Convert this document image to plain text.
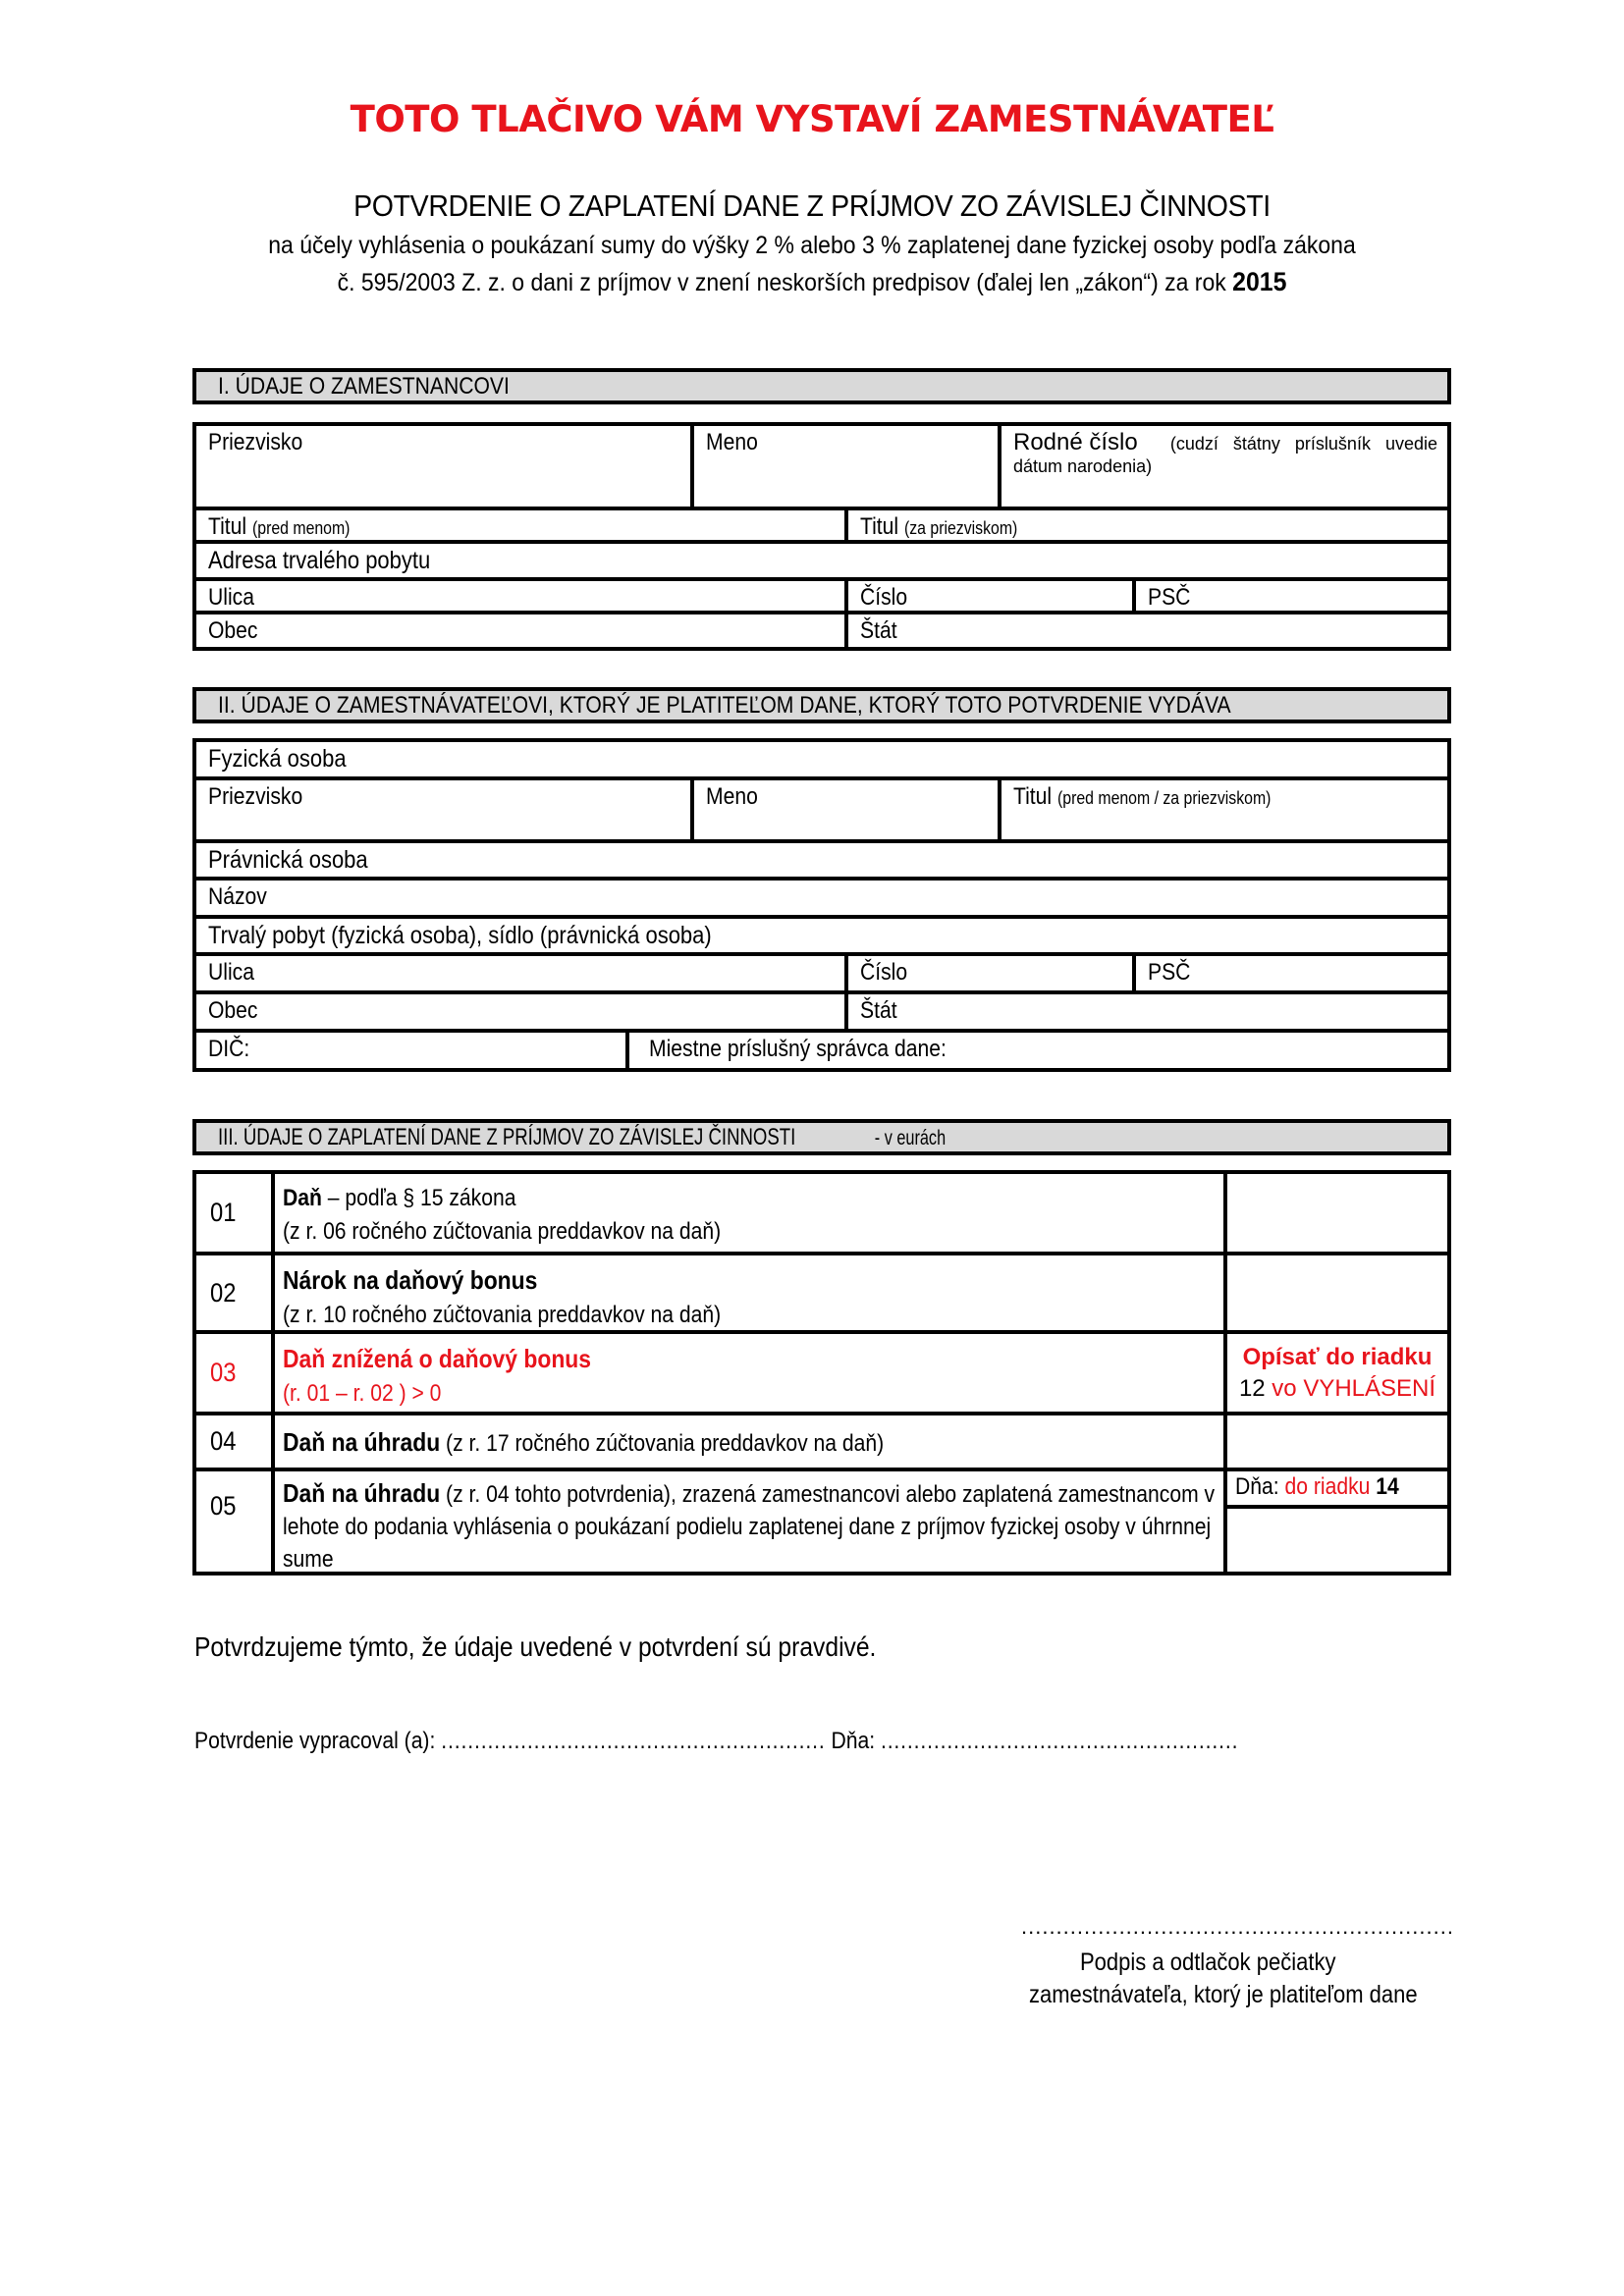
TOTO TLAČIVO VÁM VYSTAVÍ ZAMESTNÁVATEĽ
POTVRDENIE O ZAPLATENÍ DANE Z PRÍJMOV ZO ZÁVISLEJ ČINNOSTI
na účely vyhlásenia o poukázaní sumy do výšky 2 % alebo 3 % zaplatenej dane fyzickej osoby podľa zákona
č. 595/2003 Z. z. o dani z príjmov v znení neskorších predpisov (ďalej len „zákon“) za rok 2015
I. ÚDAJE O ZAMESTNANCOVI
Priezvisko	Meno	Rodné číslo (cudzí   štátny   príslušník   uvedie
dátum narodenia)
Titul (pred menom)	Titul (za priezviskom)
Adresa trvalého pobytu
Ulica	Číslo	PSČ
Obec	Štát
II. ÚDAJE O ZAMESTNÁVATEĽOVI, KTORÝ JE PLATITEĽOM DANE, KTORÝ TOTO POTVRDENIE VYDÁVA
Fyzická osoba
Priezvisko	Meno	Titul (pred menom / za priezviskom)
Právnická osoba
Názov
Trvalý pobyt (fyzická osoba), sídlo (právnická osoba)
Ulica	Číslo	PSČ
Obec	Štát
DIČ:	Miestne príslušný správca dane:
III. ÚDAJE O ZAPLATENÍ DANE Z PRÍJMOV ZO ZÁVISLEJ ČINNOSTI	- v eurách
01	Daň – podľa § 15 zákona
(z r. 06 ročného zúčtovania preddavkov na daň)
02	Nárok na daňový bonus
(z r. 10 ročného zúčtovania preddavkov na daň)
03	Daň znížená o daňový bonus
(r. 01 – r. 02 ) > 0
Opísať do riadku
12 vo VYHLÁSENÍ
04	Daň na úhradu (z r. 17 ročného zúčtovania preddavkov na daň)
05 Daň na úhradu (z r. 04 tohto potvrdenia), zrazená zamestnancovi alebo zaplatená zamestnancom v lehote do podania vyhlásenia o poukázaní podielu zaplatenej dane z príjmov fyzickej osoby v úhrnnej sume
Dňa: do riadku 14
Potvrdzujeme týmto, že údaje uvedené v potvrdení sú pravdivé.
Potvrdenie vypracoval (a): .......................................................... Dňa: ......................................................
..............................................................
Podpis a odtlačok pečiatky
zamestnávateľa, ktorý je platiteľom dane
